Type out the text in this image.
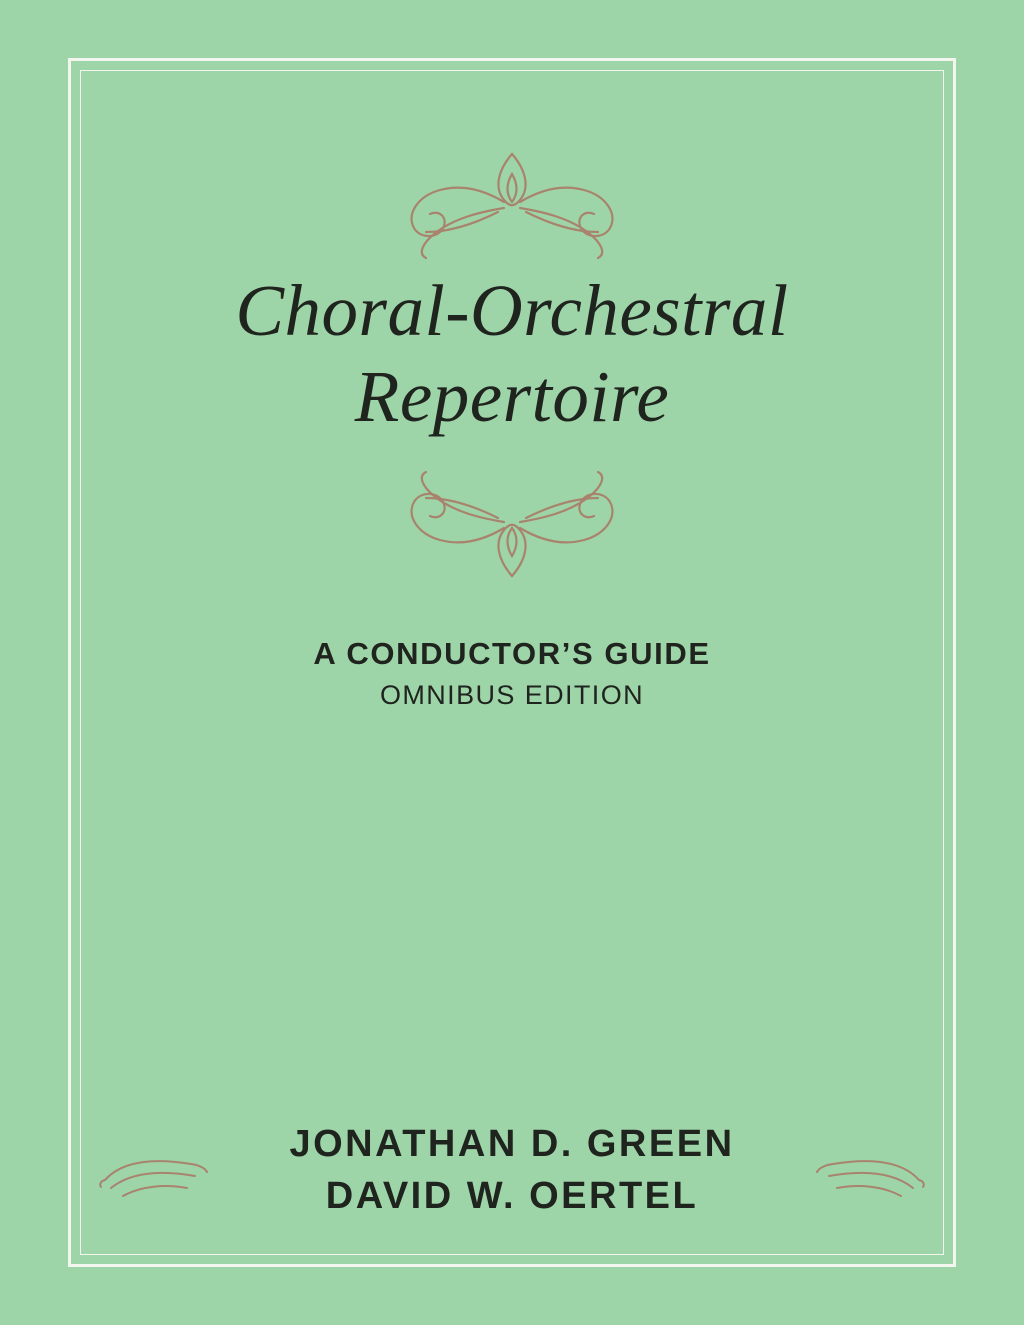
Choral-Orchestral
Repertoire
A CONDUCTOR’S GUIDE
OMNIBUS EDITION
JONATHAN D. GREEN
DAVID W. OERTEL
